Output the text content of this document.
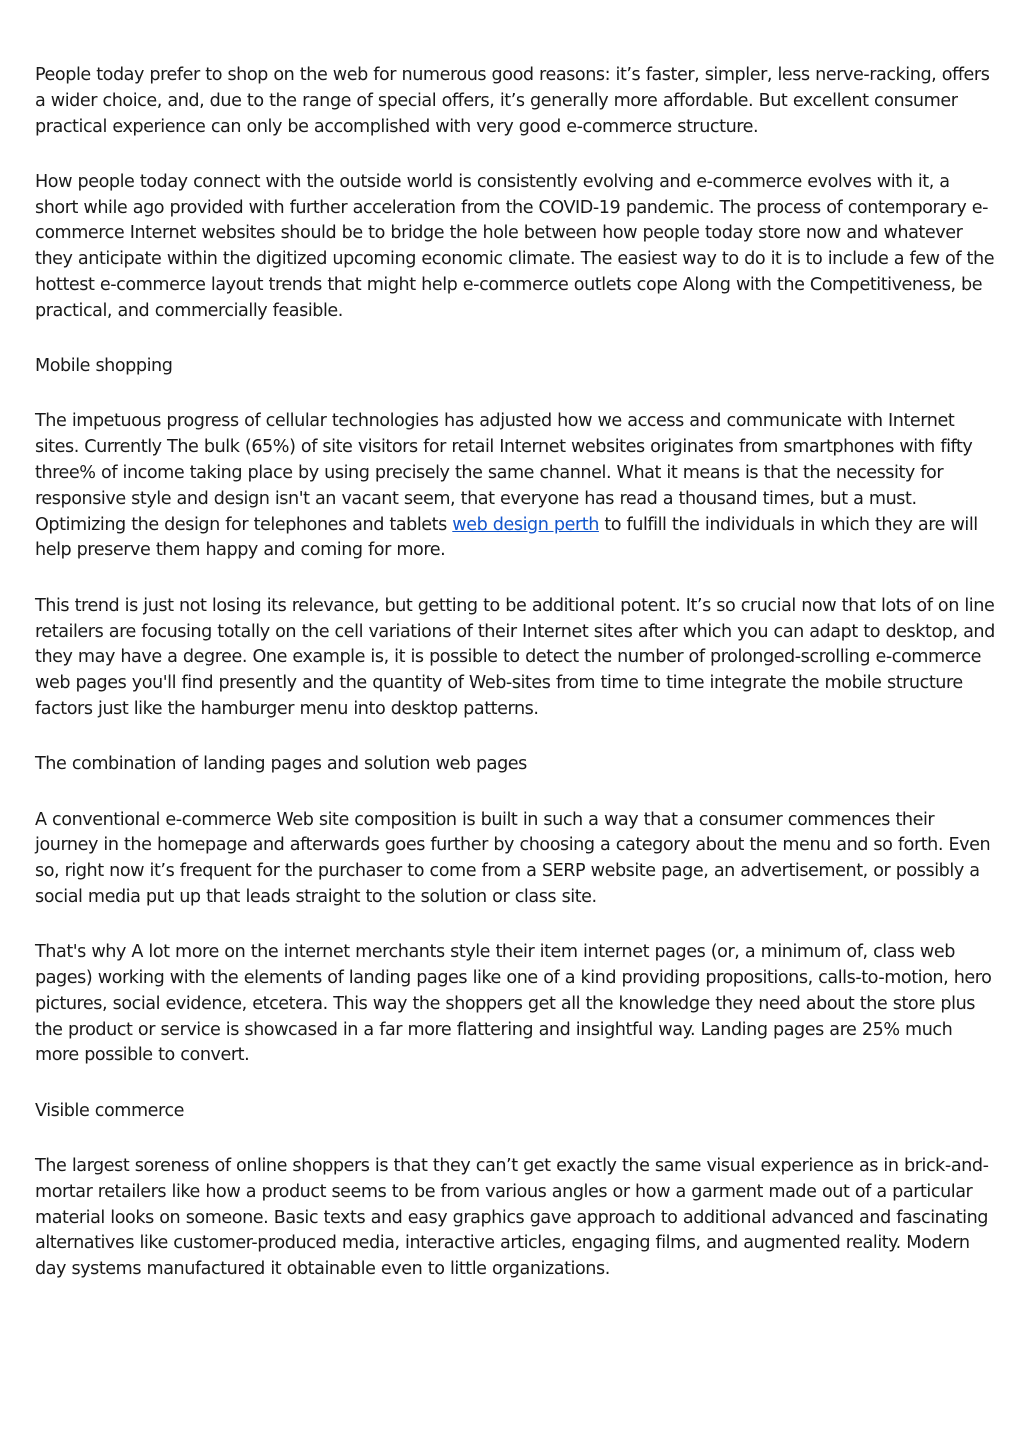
People today prefer to shop on the web for numerous good reasons: it’s faster, simpler, less nerve-racking, offers a wider choice, and, due to the range of special offers, it’s generally more affordable. But excellent consumer practical experience can only be accomplished with very good e-commerce structure.

How people today connect with the outside world is consistently evolving and e-commerce evolves with it, a short while ago provided with further acceleration from the COVID-19 pandemic. The process of contemporary e-commerce Internet websites should be to bridge the hole between how people today store now and whatever they anticipate within the digitized upcoming economic climate. The easiest way to do it is to include a few of the hottest e-commerce layout trends that might help e-commerce outlets cope Along with the Competitiveness, be practical, and commercially feasible.

Mobile shopping

The impetuous progress of cellular technologies has adjusted how we access and communicate with Internet sites. Currently The bulk (65%) of site visitors for retail Internet websites originates from smartphones with fifty three% of income taking place by using precisely the same channel. What it means is that the necessity for responsive style and design isn't an vacant seem, that everyone has read a thousand times, but a must. Optimizing the design for telephones and tablets web design perth to fulfill the individuals in which they are will help preserve them happy and coming for more.

This trend is just not losing its relevance, but getting to be additional potent. It’s so crucial now that lots of on line retailers are focusing totally on the cell variations of their Internet sites after which you can adapt to desktop, and they may have a degree. One example is, it is possible to detect the number of prolonged-scrolling e-commerce web pages you'll find presently and the quantity of Web-sites from time to time integrate the mobile structure factors just like the hamburger menu into desktop patterns.

The combination of landing pages and solution web pages

A conventional e-commerce Web site composition is built in such a way that a consumer commences their journey in the homepage and afterwards goes further by choosing a category about the menu and so forth. Even so, right now it’s frequent for the purchaser to come from a SERP website page, an advertisement, or possibly a social media put up that leads straight to the solution or class site.

That's why A lot more on the internet merchants style their item internet pages (or, a minimum of, class web pages) working with the elements of landing pages like one of a kind providing propositions, calls-to-motion, hero pictures, social evidence, etcetera. This way the shoppers get all the knowledge they need about the store plus the product or service is showcased in a far more flattering and insightful way. Landing pages are 25% much more possible to convert.

Visible commerce

The largest soreness of online shoppers is that they can’t get exactly the same visual experience as in brick-and-mortar retailers like how a product seems to be from various angles or how a garment made out of a particular material looks on someone. Basic texts and easy graphics gave approach to additional advanced and fascinating alternatives like customer-produced media, interactive articles, engaging films, and augmented reality. Modern day systems manufactured it obtainable even to little organizations.
